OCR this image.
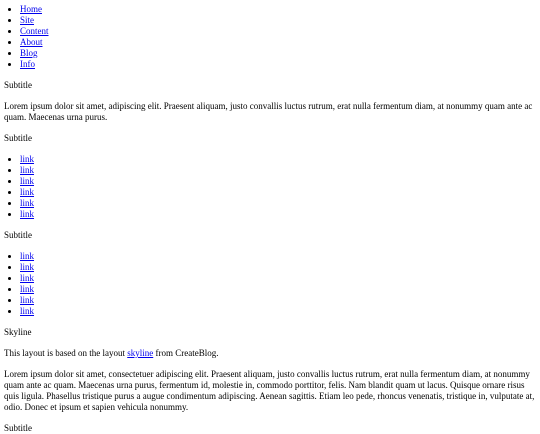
• Home
• Site
• Content
• About
• Blog
• Info

Subtitle

Lorem ipsum dolor sit amet, adipiscing elit. Praesent aliquam, justo convallis luctus rutrum, erat nulla fermentum diam, at nonummy quam ante ac quam. Maecenas urna purus.

Subtitle

• link
• link
• link
• link
• link
• link

Subtitle

• link
• link
• link
• link
• link
• link

Skyline

This layout is based on the layout skyline from CreateBlog.

Lorem ipsum dolor sit amet, consectetuer adipiscing elit. Praesent aliquam, justo convallis luctus rutrum, erat nulla fermentum diam, at nonummy quam ante ac quam. Maecenas urna purus, fermentum id, molestie in, commodo porttitor, felis. Nam blandit quam ut lacus. Quisque ornare risus quis ligula. Phasellus tristique purus a augue condimentum adipiscing. Aenean sagittis. Etiam leo pede, rhoncus venenatis, tristique in, vulputate at, odio. Donec et ipsum et sapien vehicula nonummy.

Subtitle
